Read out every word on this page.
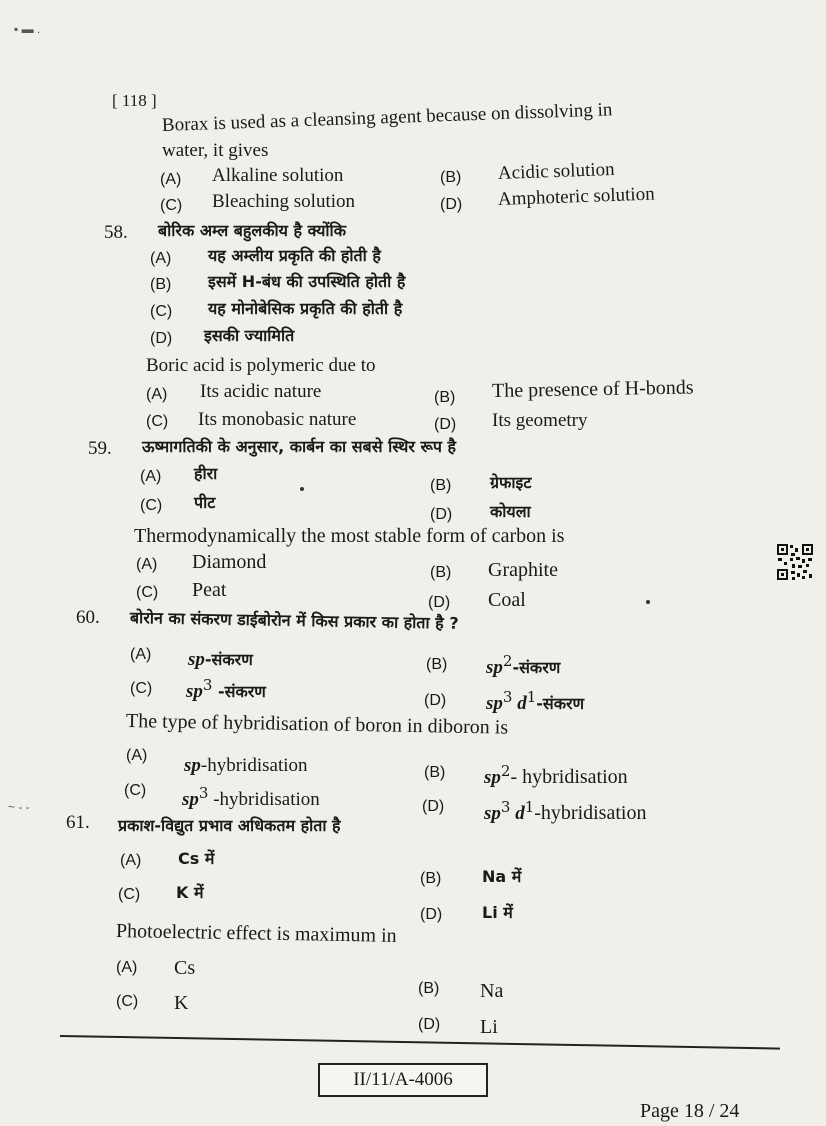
▪ ▬ .
[ 118 ] Borax is used as a cleansing agent because on dissolving in
water, it gives
(A) Alkaline solution	(B) Acidic solution
(C) Bleaching solution	(D) Amphoteric solution
58. बोरिक अम्ल बहुलकीय है क्योंकि
(A) यह अम्लीय प्रकृति की होती है
(B) इसमें H-बंध की उपस्थिति होती है
(C) यह मोनोबेसिक प्रकृति की होती है
(D) इसकी ज्यामिति
Boric acid is polymeric due to
(A) Its acidic nature	(B) The presence of H-bonds
(C) Its monobasic nature	(D) Its geometry
59. ऊष्मागतिकी के अनुसार, कार्बन का सबसे स्थिर रूप है
(A) हीरा
(B) ग्रेफाइट
(C) पीट
(D) कोयला
Thermodynamically the most stable form of carbon is
(A) Diamond	(B) Graphite
(C) Peat
(D) Coal
60. बोरोन का संकरण डाईबोरोन में किस प्रकार का होता है ?
(A) sp-संकरण	(B) $sp^2-संकरण$
(C) $sp^3$ -संकरण	(D) $sp^3$ $d^1-संकरण$
The type of hybridisation of boron in diboron is
(A) sp-hybridisation	(B) $sp^2-$ hybridisation
(C) $sp^3$ -hybridisation	(D) $sp^3$ $d^1$-hybridisation
~ - -
61. प्रकाश-विद्युत प्रभाव अधिकतम होता है
(A) Cs में
(B)	Na में
(C) K में
(D) Li में
Photoelectric effect is maximum in
(A) Cs
(B) Na
(C) K
(D) Li
II/11/A-4006
Page 18 / 24
